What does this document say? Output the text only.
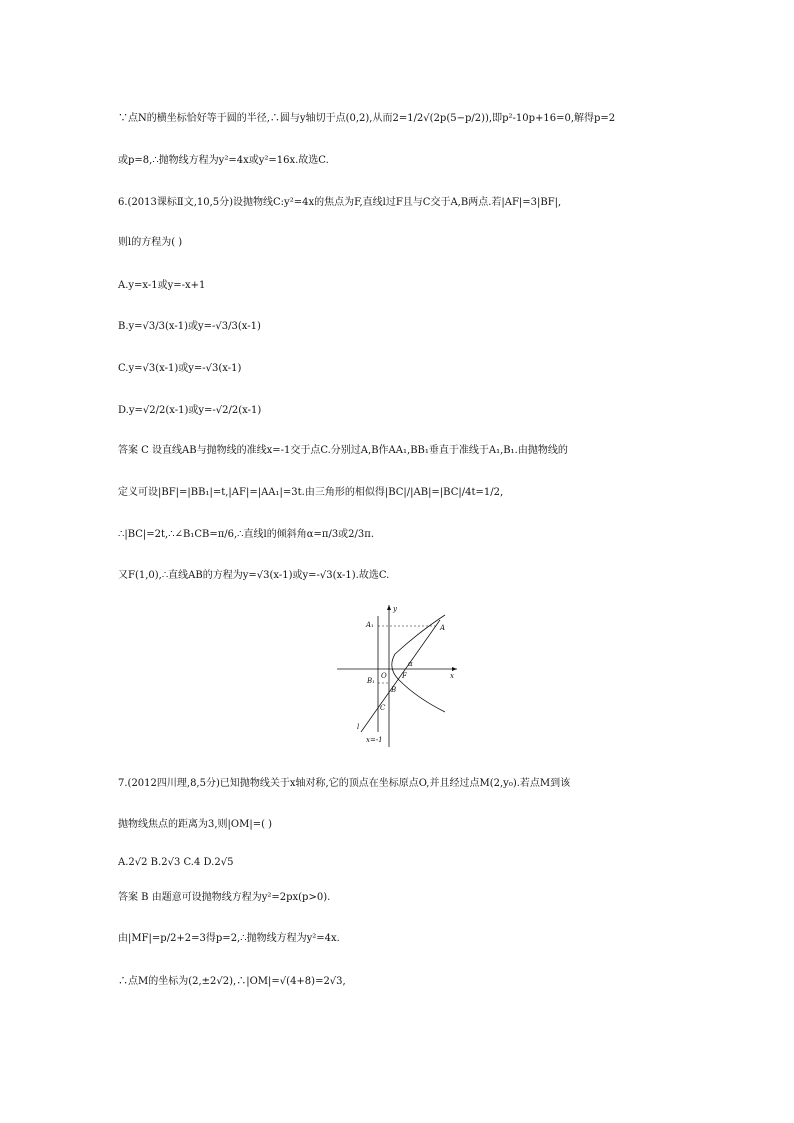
∵点N的横坐标恰好等于圆的半径,∴圆与y轴切于点(0,2),从而2=1/2√(2p(5−p/2)),即p²-10p+16=0,解得p=2
或p=8,∴抛物线方程为y²=4x或y²=16x.故选C.
6.(2013课标Ⅱ文,10,5分)设抛物线C:y²=4x的焦点为F,直线l过F且与C交于A,B两点.若|AF|=3|BF|,
则l的方程为( )
A.y=x-1或y=-x+1
B.y=√3/3(x-1)或y=-√3/3(x-1)
C.y=√3(x-1)或y=-√3(x-1)
D.y=√2/2(x-1)或y=-√2/2(x-1)
答案 C 设直线AB与抛物线的准线x=-1交于点C.分别过A,B作AA₁,BB₁垂直于准线于A₁,B₁.由抛物线的
定义可设|BF|=|BB₁|=t,|AF|=|AA₁|=3t.由三角形的相似得|BC|/|AB|=|BC|/4t=1/2,
∴|BC|=2t,∴∠B₁CB=π/6,∴直线l的倾斜角α=π/3或2/3π.
又F(1,0),∴直线AB的方程为y=√3(x-1)或y=-√3(x-1).故选C.
y
x
A₁	A
α
O F
B₁
B
C
l
x=-1
7.(2012四川理,8,5分)已知抛物线关于x轴对称,它的顶点在坐标原点O,并且经过点M(2,y₀).若点M到该
抛物线焦点的距离为3,则|OM|=( )
A.2√2 B.2√3 C.4 D.2√5
答案 B 由题意可设抛物线方程为y²=2px(p>0).
由|MF|=p/2+2=3得p=2,∴抛物线方程为y²=4x.
∴点M的坐标为(2,±2√2),∴|OM|=√(4+8)=2√3,
